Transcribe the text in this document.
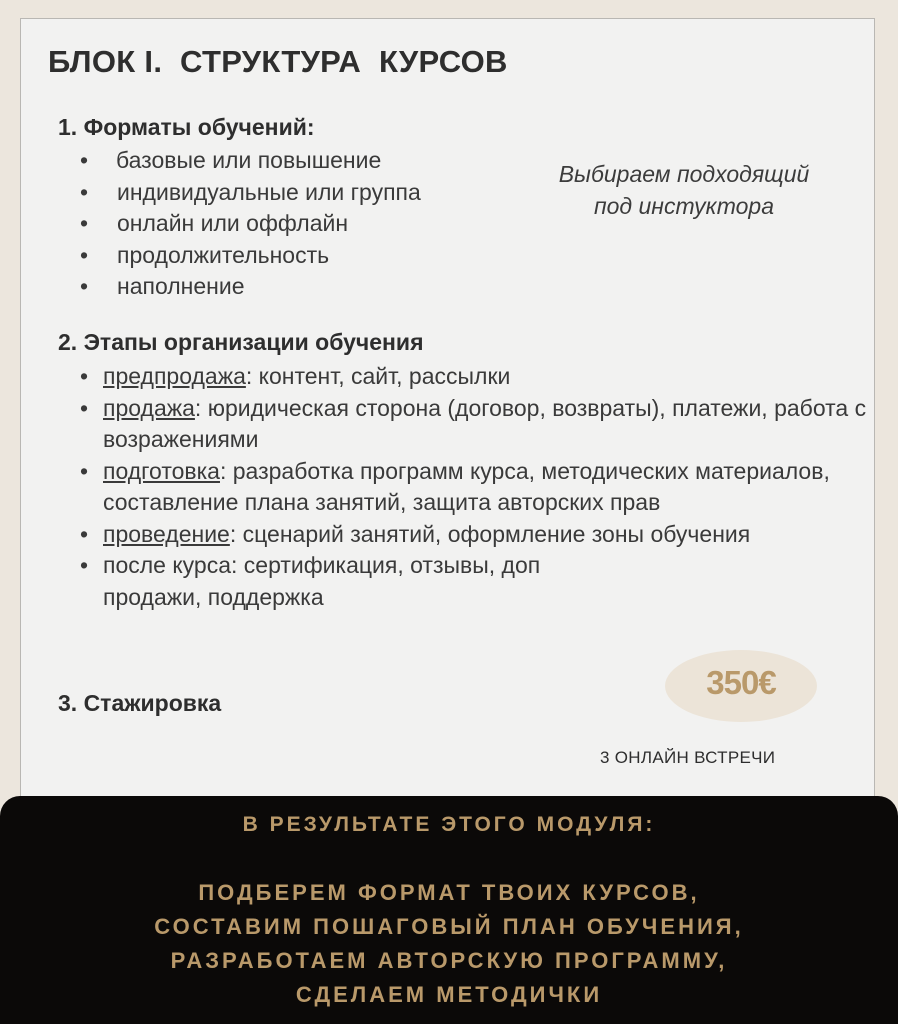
БЛОК I.  СТРУКТУРА  КУРСОВ
1. Форматы обучений:
• базовые или повышение
• индивидуальные или группа
• онлайн или оффлайн
• продолжительность
• наполнение
Выбираем подходящий под инстуктора
2. Этапы организации обучения
• предпродажа: контент, сайт, рассылки
• продажа: юридическая сторона (договор, возвраты), платежи, работа с возражениями
• подготовка: разработка программ курса, методических материалов, составление плана занятий, защита авторских прав
• проведение: сценарий занятий, оформление зоны обучения
• после курса: сертификация, отзывы, доп продажи, поддержка
3. Стажировка
350€
3 ОНЛАЙН ВСТРЕЧИ
В РЕЗУЛЬТАТЕ ЭТОГО МОДУЛЯ:
ПОДБЕРЕМ ФОРМАТ ТВОИХ КУРСОВ,
СОСТАВИМ ПОШАГОВЫЙ ПЛАН ОБУЧЕНИЯ,
РАЗРАБОТАЕМ АВТОРСКУЮ ПРОГРАММУ,
СДЕЛАЕМ МЕТОДИЧКИ
